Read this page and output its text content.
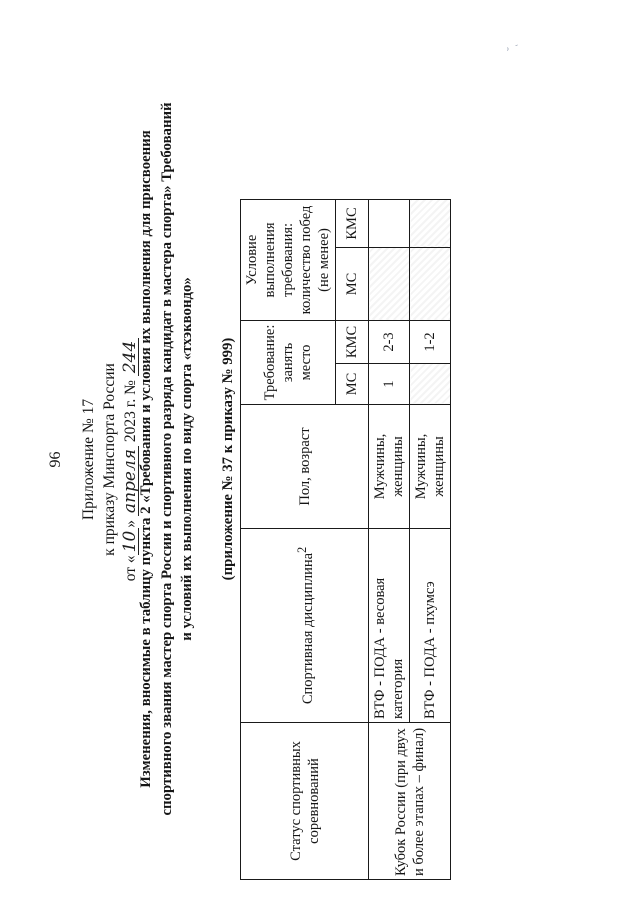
96 Приложение № 17 к приказу Минспорта России
от «10» апреля 2023 г. № 244
Изменения, вносимые в таблицу пункта 2 «Требования и условия их выполнения для присвоения спортивного звания мастер спорта России и спортивного разряда кандидат в мастера спорта» Требований и условий их выполнения по виду спорта «тхэквондо»
(приложение № 37 к приказу № 999)
Статус спортивных соревнований	Спортивная дисциплина$^2$	Пол, возраст	Требование: занять место		Условие выполнения требования: количество побед (не менее)	
			МС	КМС	МС	КМС
Кубок России (при двух и более этапах – финал)	ВТФ - ПОДА - весовая категория	Мужчины, женщины	1	2-3		
	ВТФ - ПОДА - пхумсэ	Мужчины, женщины		1-2		
˘ͺ
